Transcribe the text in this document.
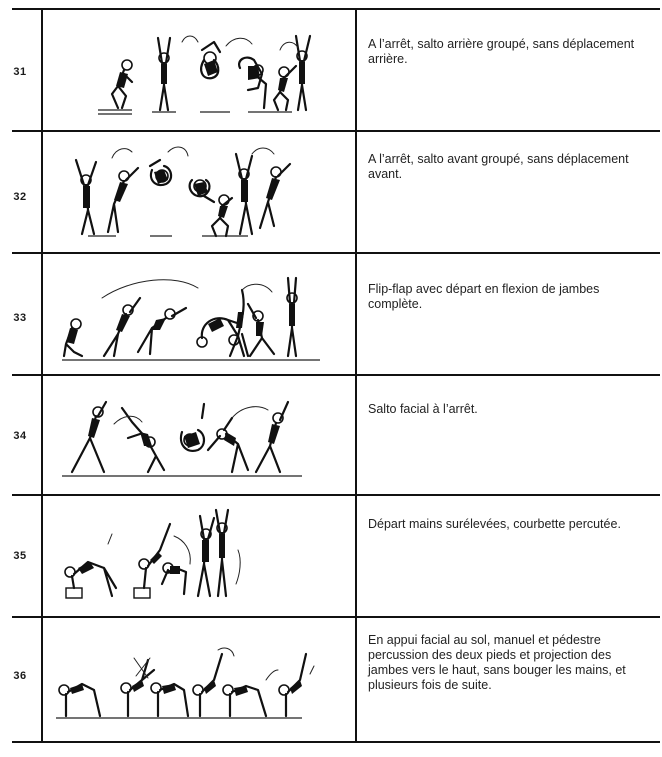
31
A l’arrêt, salto arrière groupé, sans déplacement arrière.
32
A l’arrêt, salto avant groupé, sans déplacement avant.
33
Flip-flap avec départ en flexion de jambes complète.
34
Salto facial à l’arrêt.
35
Départ mains surélevées, courbette percutée.
36
En appui facial au sol, manuel et pédestre percussion des deux pieds et projection des jambes vers le haut, sans bouger les mains, et plusieurs fois de suite.
